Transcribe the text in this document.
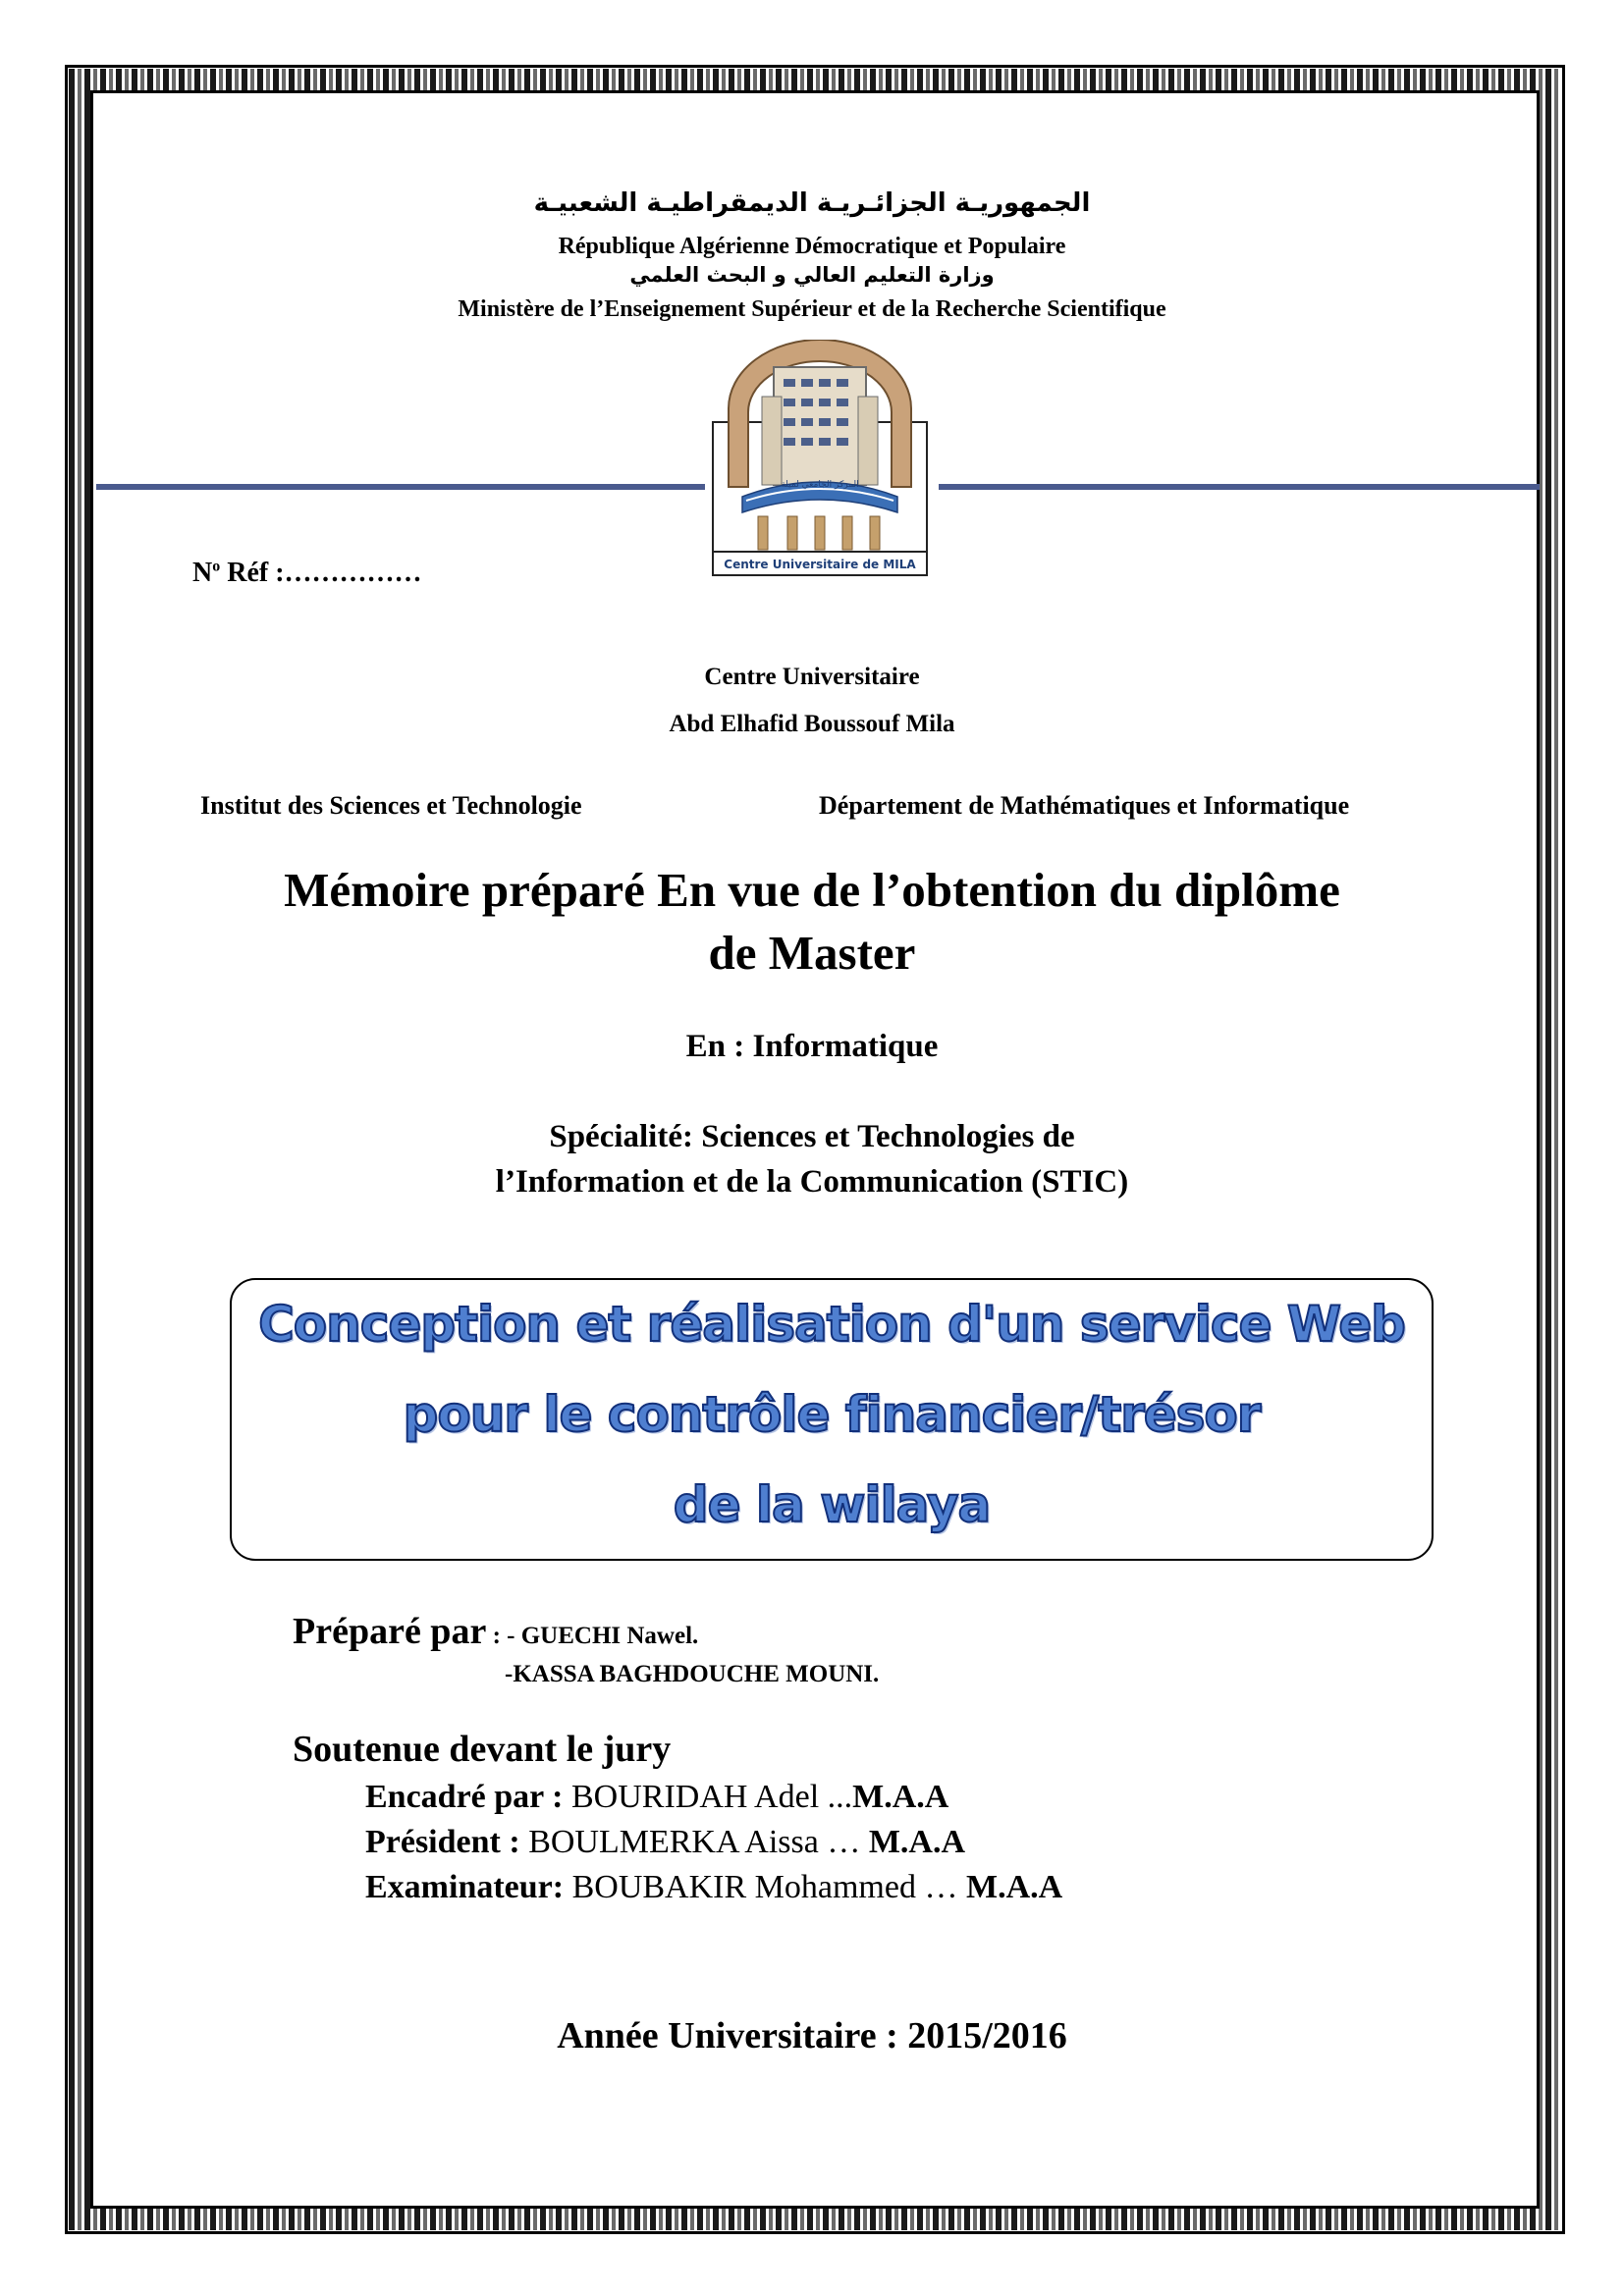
الجمهوريـة الجزائـريـة الديمقراطيـة الشعبيـة
République Algérienne Démocratique et Populaire
وزارة التعليم العالي و البحث العلمي
Ministère de l’Enseignement Supérieur et de la Recherche Scientifique
Centre Universitaire de MILA
المركز الجامعي لميلة
$N^o$ Réf :……………
Centre Universitaire
Abd Elhafid Boussouf Mila
Institut des Sciences et Technologie	Département de Mathématiques et Informatique
Mémoire préparé En vue de l’obtention du diplôme
de Master
En : Informatique
Spécialité: Sciences et Technologies de
l’Information et de la Communication (STIC)
Conception et réalisation d'un service Web
pour le contrôle financier/trésor
de la wilaya
Préparé par : - GUECHI Nawel.
-KASSA BAGHDOUCHE MOUNI.
Soutenue devant le jury
Encadré par : BOURIDAH Adel ...M.A.A
Président : BOULMERKA Aissa … M.A.A
Examinateur: BOUBAKIR Mohammed … M.A.A
Année Universitaire : 2015/2016
